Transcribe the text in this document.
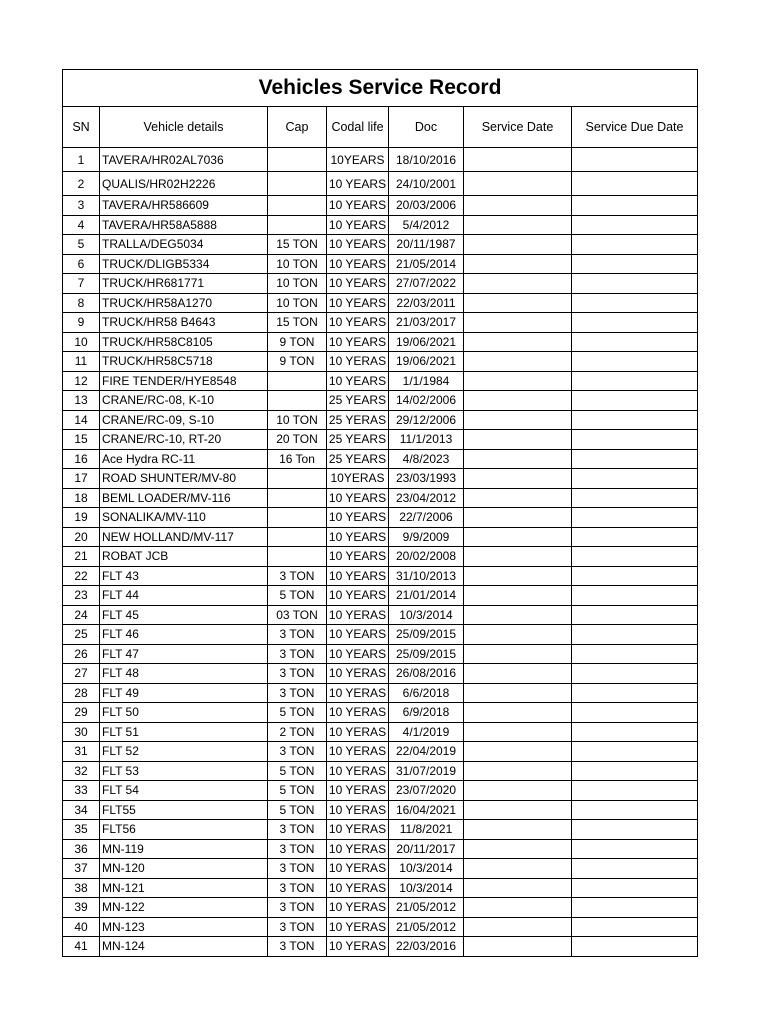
Vehicles Service Record						
SN	Vehicle details	Cap	Codal life	Doc	Service Date	Service Due Date
1	TAVERA/HR02AL7036		10YEARS	18/10/2016		
2	QUALIS/HR02H2226		10 YEARS	24/10/2001		
3	TAVERA/HR586609		10 YEARS	20/03/2006		
4	TAVERA/HR58A5888		10 YEARS	5/4/2012		
5	TRALLA/DEG5034	15 TON	10 YEARS	20/11/1987		
6	TRUCK/DLIGB5334	10 TON	10 YEARS	21/05/2014		
7	TRUCK/HR681771	10 TON	10 YEARS	27/07/2022		
8	TRUCK/HR58A1270	10 TON	10 YEARS	22/03/2011		
9	TRUCK/HR58 B4643	15 TON	10 YEARS	21/03/2017		
10	TRUCK/HR58C8105	9 TON	10 YEARS	19/06/2021		
11	TRUCK/HR58C5718	9 TON	10 YERAS	19/06/2021		
12	FIRE TENDER/HYE8548		10 YEARS	1/1/1984		
13	CRANE/RC-08, K-10		25 YEARS	14/02/2006		
14	CRANE/RC-09, S-10	10 TON	25 YERAS	29/12/2006		
15	CRANE/RC-10, RT-20	20 TON	25 YEARS	11/1/2013		
16	Ace Hydra RC-11	16 Ton	25 YEARS	4/8/2023		
17	ROAD SHUNTER/MV-80		10YERAS	23/03/1993		
18	BEML LOADER/MV-116		10 YEARS	23/04/2012		
19	SONALIKA/MV-110		10 YEARS	22/7/2006		
20	NEW HOLLAND/MV-117		10 YEARS	9/9/2009		
21	ROBAT JCB		10 YEARS	20/02/2008		
22	FLT 43	3 TON	10 YEARS	31/10/2013		
23	FLT 44	5 TON	10 YEARS	21/01/2014		
24	FLT 45	03 TON	10 YERAS	10/3/2014		
25	FLT 46	3 TON	10 YEARS	25/09/2015		
26	FLT 47	3 TON	10 YEARS	25/09/2015		
27	FLT 48	3 TON	10 YERAS	26/08/2016		
28	FLT 49	3 TON	10 YERAS	6/6/2018		
29	FLT 50	5 TON	10 YERAS	6/9/2018		
30	FLT 51	2 TON	10 YERAS	4/1/2019		
31	FLT 52	3 TON	10 YERAS	22/04/2019		
32	FLT 53	5 TON	10 YERAS	31/07/2019		
33	FLT 54	5 TON	10 YERAS	23/07/2020		
34	FLT55	5 TON	10 YERAS	16/04/2021		
35	FLT56	3 TON	10 YERAS	11/8/2021		
36	MN-119	3 TON	10 YERAS	20/11/2017		
37	MN-120	3 TON	10 YERAS	10/3/2014		
38	MN-121	3 TON	10 YERAS	10/3/2014		
39	MN-122	3 TON	10 YERAS	21/05/2012		
40	MN-123	3 TON	10 YERAS	21/05/2012		
41	MN-124	3 TON	10 YERAS	22/03/2016		
